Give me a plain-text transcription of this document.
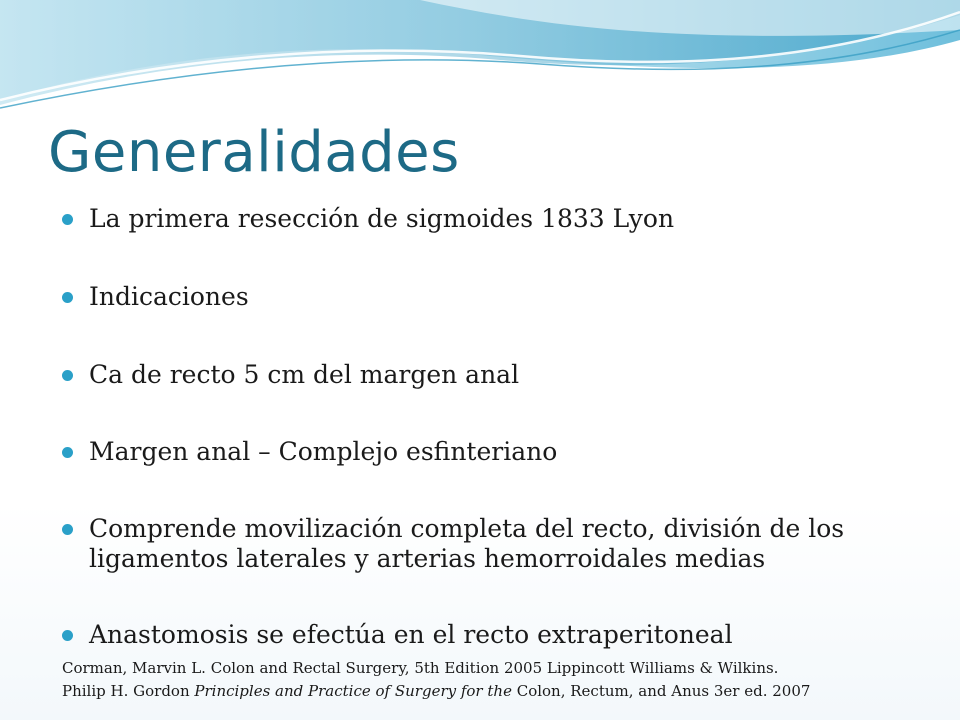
Generalidades
La primera resección de sigmoides 1833 Lyon
Indicaciones
Ca de recto 5 cm del margen anal
Margen anal – Complejo esfinteriano
Comprende movilización completa del recto, división de los ligamentos laterales y arterias hemorroidales medias
Anastomosis se efectúa en el recto extraperitoneal
Corman, Marvin L. Colon and Rectal Surgery, 5th Edition 2005 Lippincott Williams & Wilkins.
Philip H. Gordon Principles and Practice of Surgery for the Colon, Rectum, and Anus 3er ed. 2007
